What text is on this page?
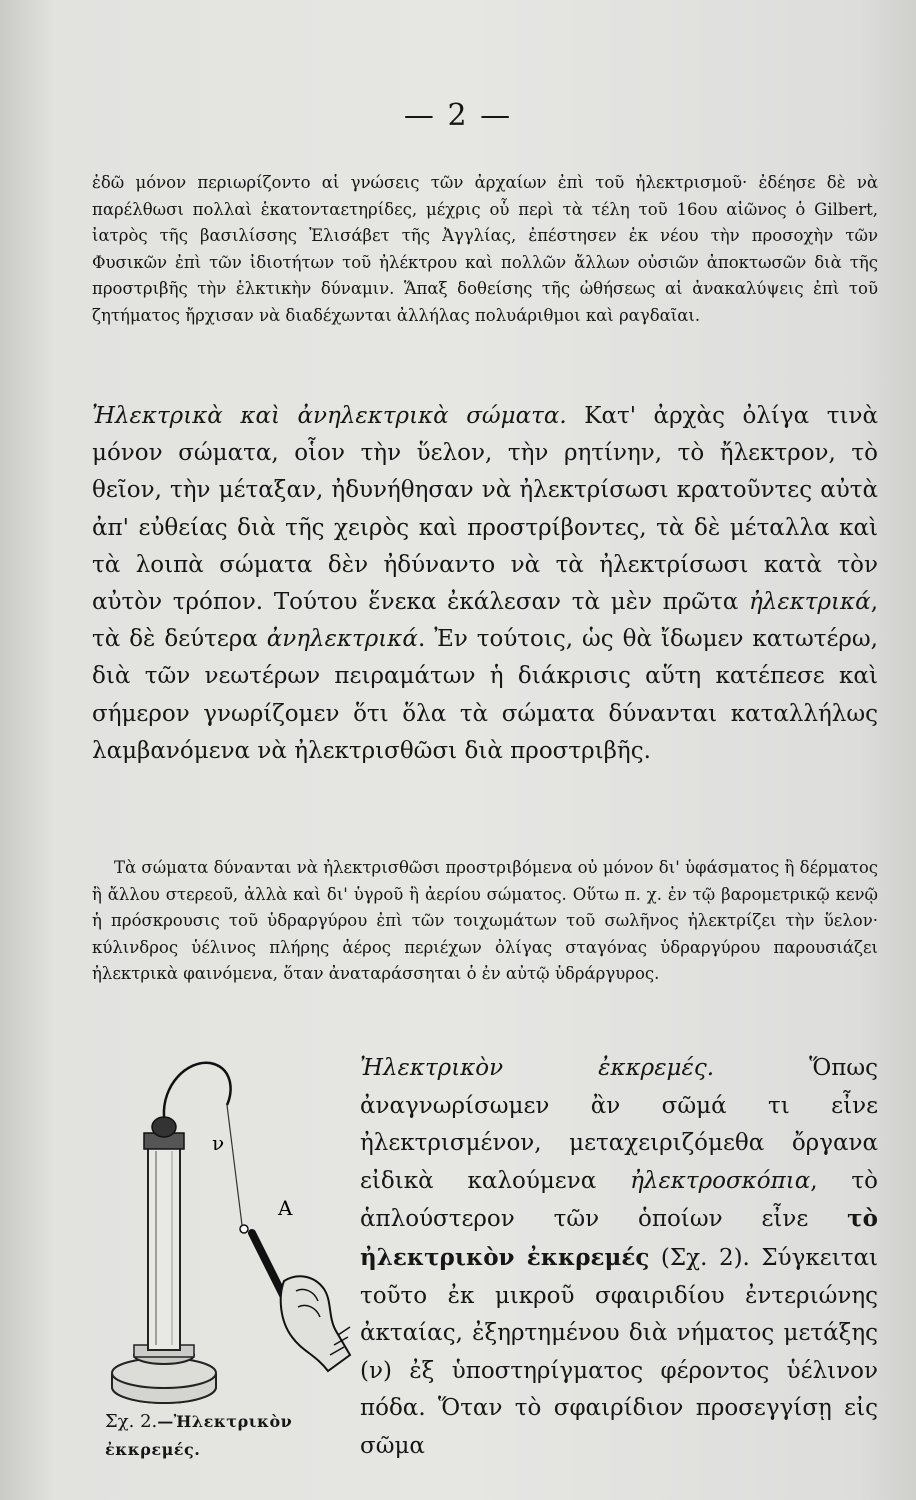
— 2 —

ἐδῶ μόνον περιωρίζοντο αἱ γνώσεις τῶν ἀρχαίων ἐπὶ τοῦ ἠλεκτρισμοῦ· ἐδέησε δὲ νὰ παρέλθωσι πολλαὶ ἑκατονταετηρίδες, μέχρις οὗ περὶ τὰ τέλη τοῦ 16ου αἰῶνος ὁ Gilbert, ἰατρὸς τῆς βασιλίσσης Ἐλισάβετ τῆς Ἀγγλίας, ἐπέστησεν ἐκ νέου τὴν προσοχὴν τῶν Φυσικῶν ἐπὶ τῶν ἰδιοτήτων τοῦ ἠλέκτρου καὶ πολλῶν ἄλλων οὐσιῶν ἀποκτωσῶν διὰ τῆς προστριβῆς τὴν ἑλκτικὴν δύναμιν. Ἅπαξ δοθείσης τῆς ὠθήσεως αἱ ἀνακαλύψεις ἐπὶ τοῦ ζητήματος ἤρχισαν νὰ διαδέχωνται ἀλλήλας πολυάριθμοι καὶ ραγδαῖαι.

Ἠλεκτρικὰ καὶ ἀνηλεκτρικὰ σώματα. Κατ' ἀρχὰς ὀλίγα τινὰ μόνον σώματα, οἷον τὴν ὕελον, τὴν ρητίνην, τὸ ἤλεκτρον, τὸ θεῖον, τὴν μέταξαν, ἠδυνήθησαν νὰ ἠλεκτρίσωσι κρατοῦντες αὐτὰ ἀπ' εὐθείας διὰ τῆς χειρὸς καὶ προστρίβοντες, τὰ δὲ μέταλλα καὶ τὰ λοιπὰ σώματα δὲν ἠδύναντο νὰ τὰ ἠλεκτρίσωσι κατὰ τὸν αὐτὸν τρόπον. Τούτου ἕνεκα ἐκάλεσαν τὰ μὲν πρῶτα ἠλεκτρικά, τὰ δὲ δεύτερα ἀνηλεκτρικά. Ἐν τούτοις, ὡς θὰ ἴδωμεν κατωτέρω, διὰ τῶν νεωτέρων πειραμάτων ἡ διάκρισις αὕτη κατέπεσε καὶ σήμερον γνωρίζομεν ὅτι ὅλα τὰ σώματα δύνανται καταλλήλως λαμβανόμενα νὰ ἠλεκτρισθῶσι διὰ προστριβῆς.

Τὰ σώματα δύνανται νὰ ἠλεκτρισθῶσι προστριβόμενα οὐ μόνον δι' ὑφάσματος ἢ δέρματος ἢ ἄλλου στερεοῦ, ἀλλὰ καὶ δι' ὑγροῦ ἢ ἀερίου σώματος. Οὕτω π. χ. ἐν τῷ βαρομετρικῷ κενῷ ἡ πρόσκρουσις τοῦ ὑδραργύρου ἐπὶ τῶν τοιχωμάτων τοῦ σωλῆνος ἠλεκτρίζει τὴν ὕελον· κύλινδρος ὑέλινος πλήρης ἀέρος περιέχων ὀλίγας σταγόνας ὑδραργύρου παρουσιάζει ἠλεκτρικὰ φαινόμενα, ὅταν ἀναταράσσηται ὁ ἐν αὐτῷ ὑδράργυρος.

ν
Α
Σχ. 2.—Ἠλεκτρικὸν ἐκκρεμές.

Ἠλεκτρικὸν ἐκκρεμές. Ὅπως ἀναγνωρίσωμεν ἂν σῶμά τι εἶνε ἠλεκτρισμένον, μεταχειριζόμεθα ὄργανα εἰδικὰ καλούμενα ἠλεκτροσκόπια, τὸ ἁπλούστερον τῶν ὁποίων εἶνε τὸ ἠλεκτρικὸν ἐκκρεμές (Σχ. 2). Σύγκειται τοῦτο ἐκ μικροῦ σφαιριδίου ἐντεριώνης ἀκταίας, ἐξηρτημένου διὰ νήματος μετάξης (ν) ἐξ ὑποστηρίγματος φέροντος ὑέλινον πόδα. Ὅταν τὸ σφαιρίδιον προσεγγίσῃ εἰς σῶμα
